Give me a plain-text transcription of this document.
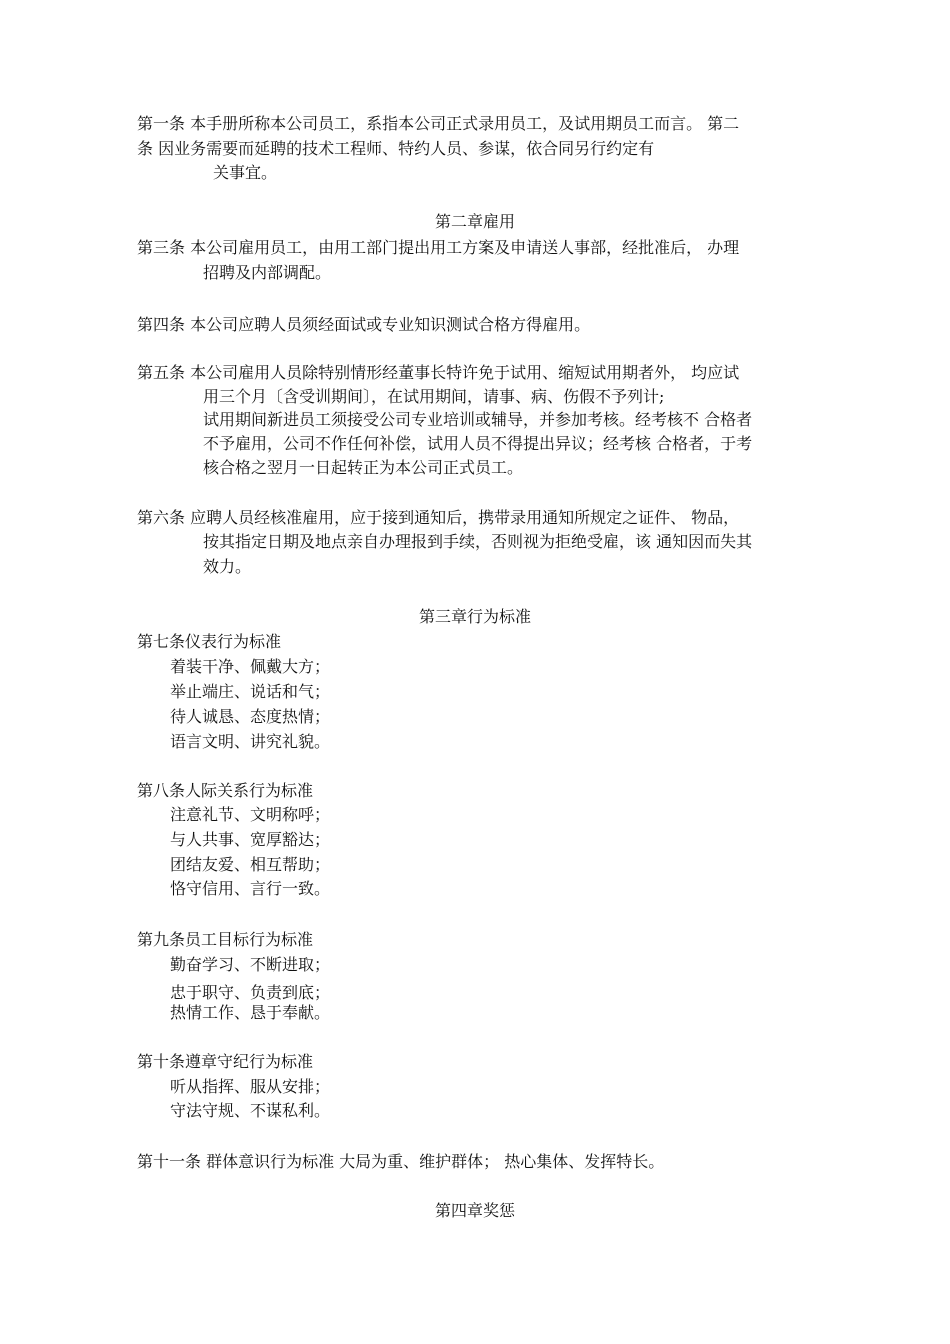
第一条 本手册所称本公司员工，系指本公司正式录用员工，及试用期员工而言。 第二
条 因业务需要而延聘的技术工程师、特约人员、参谋，依合同另行约定有
关事宜。
第二章雇用
第三条 本公司雇用员工，由用工部门提出用工方案及申请送人事部，经批准后， 办理
招聘及内部调配。
第四条 本公司应聘人员须经面试或专业知识测试合格方得雇用。
第五条 本公司雇用人员除特别情形经董事长特许免于试用、缩短试用期者外， 均应试
用三个月〔含受训期间〕，在试用期间，请事、病、伤假不予列计;
试用期间新进员工须接受公司专业培训或辅导，并参加考核。经考核不 合格者
不予雇用，公司不作任何补偿，试用人员不得提出异议；经考核 合格者，于考
核合格之翌月一日起转正为本公司正式员工。
第六条 应聘人员经核准雇用，应于接到通知后，携带录用通知所规定之证件、 物品，
按其指定日期及地点亲自办理报到手续，否则视为拒绝受雇，该 通知因而失其
效力。
第三章行为标准
第七条仪表行为标准
着装干净、佩戴大方；
举止端庄、说话和气；
待人诚恳、态度热情；
语言文明、讲究礼貌。
第八条人际关系行为标准
注意礼节、文明称呼；
与人共事、宽厚豁达；
团结友爱、相互帮助；
恪守信用、言行一致。
第九条员工目标行为标准
勤奋学习、不断进取；
忠于职守、负责到底；
热情工作、恳于奉献。
第十条遵章守纪行为标准
听从指挥、服从安排；
守法守规、不谋私利。
第十一条 群体意识行为标准 大局为重、维护群体； 热心集体、发挥特长。
第四章奖惩
